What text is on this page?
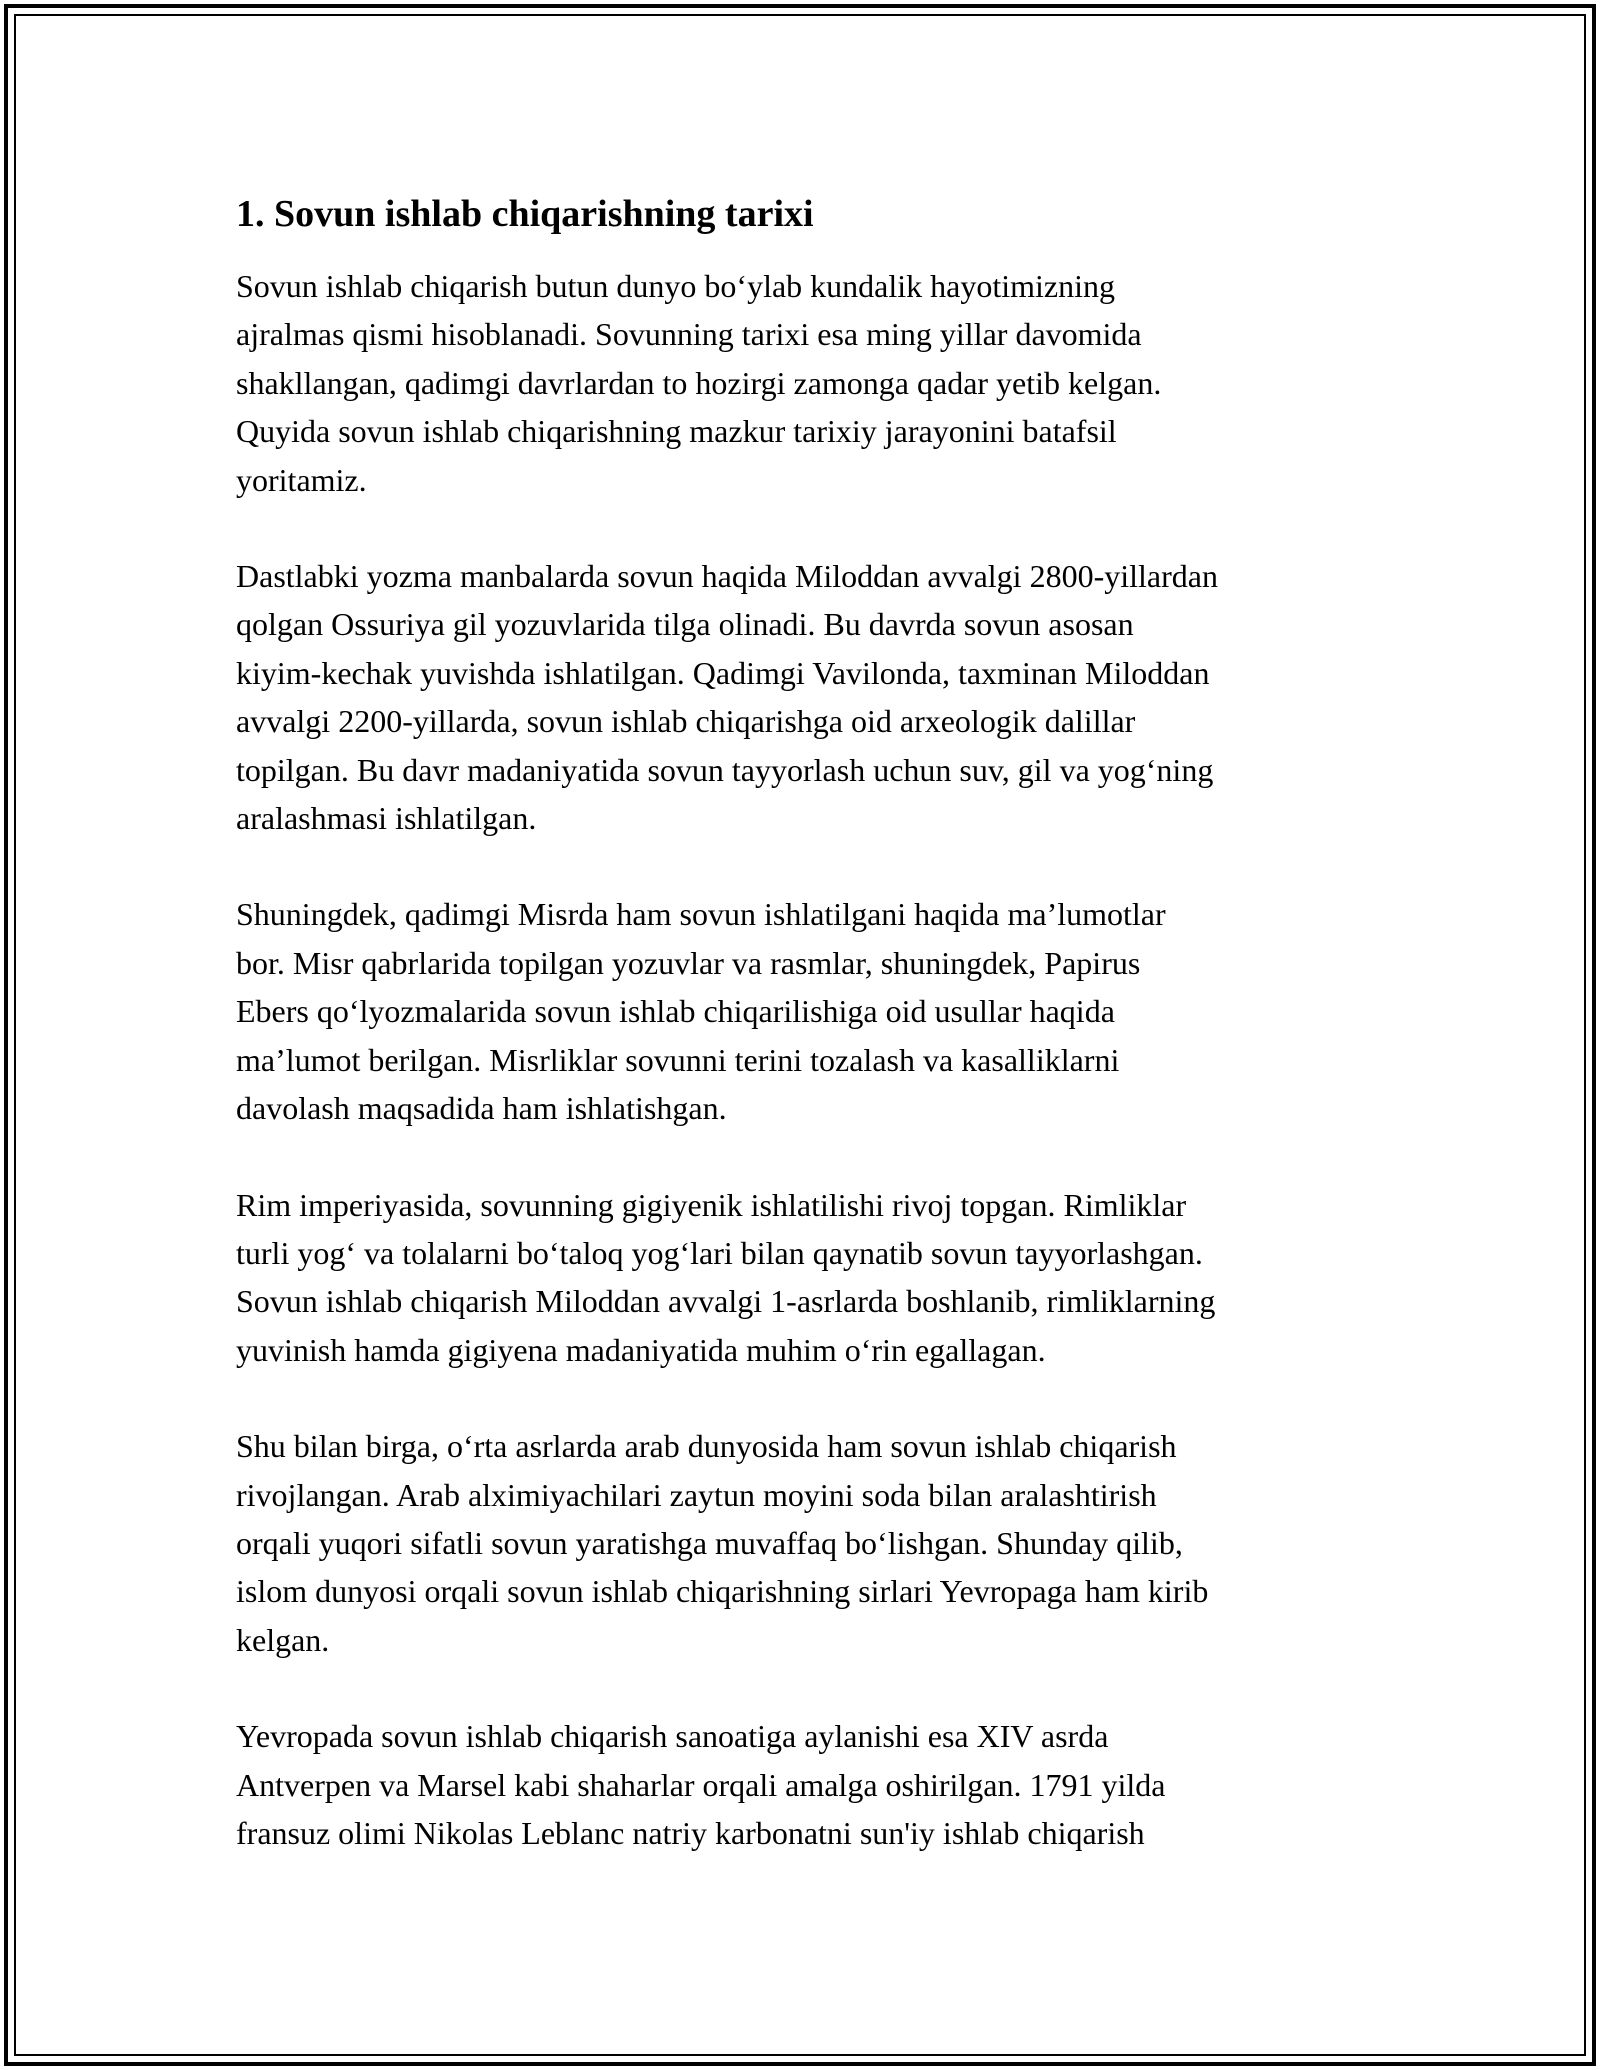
1. Sovun ishlab chiqarishning tarixi

Sovun ishlab chiqarish butun dunyo bo‘ylab kundalik hayotimizning
ajralmas qismi hisoblanadi. Sovunning tarixi esa ming yillar davomida
shakllangan, qadimgi davrlardan to hozirgi zamonga qadar yetib kelgan.
Quyida sovun ishlab chiqarishning mazkur tarixiy jarayonini batafsil
yoritamiz.

Dastlabki yozma manbalarda sovun haqida Miloddan avvalgi 2800-yillardan
qolgan Ossuriya gil yozuvlarida tilga olinadi. Bu davrda sovun asosan
kiyim-kechak yuvishda ishlatilgan. Qadimgi Vavilonda, taxminan Miloddan
avvalgi 2200-yillarda, sovun ishlab chiqarishga oid arxeologik dalillar
topilgan. Bu davr madaniyatida sovun tayyorlash uchun suv, gil va yog‘ning
aralashmasi ishlatilgan.

Shuningdek, qadimgi Misrda ham sovun ishlatilgani haqida ma’lumotlar
bor. Misr qabrlarida topilgan yozuvlar va rasmlar, shuningdek, Papirus
Ebers qo‘lyozmalarida sovun ishlab chiqarilishiga oid usullar haqida
ma’lumot berilgan. Misrliklar sovunni terini tozalash va kasalliklarni
davolash maqsadida ham ishlatishgan.

Rim imperiyasida, sovunning gigiyenik ishlatilishi rivoj topgan. Rimliklar
turli yog‘ va tolalarni bo‘taloq yog‘lari bilan qaynatib sovun tayyorlashgan.
Sovun ishlab chiqarish Miloddan avvalgi 1-asrlarda boshlanib, rimliklarning
yuvinish hamda gigiyena madaniyatida muhim o‘rin egallagan.

Shu bilan birga, o‘rta asrlarda arab dunyosida ham sovun ishlab chiqarish
rivojlangan. Arab alximiyachilari zaytun moyini soda bilan aralashtirish
orqali yuqori sifatli sovun yaratishga muvaffaq bo‘lishgan. Shunday qilib,
islom dunyosi orqali sovun ishlab chiqarishning sirlari Yevropaga ham kirib
kelgan.

Yevropada sovun ishlab chiqarish sanoatiga aylanishi esa XIV asrda
Antverpen va Marsel kabi shaharlar orqali amalga oshirilgan. 1791 yilda
fransuz olimi Nikolas Leblanc natriy karbonatni sun'iy ishlab chiqarish
